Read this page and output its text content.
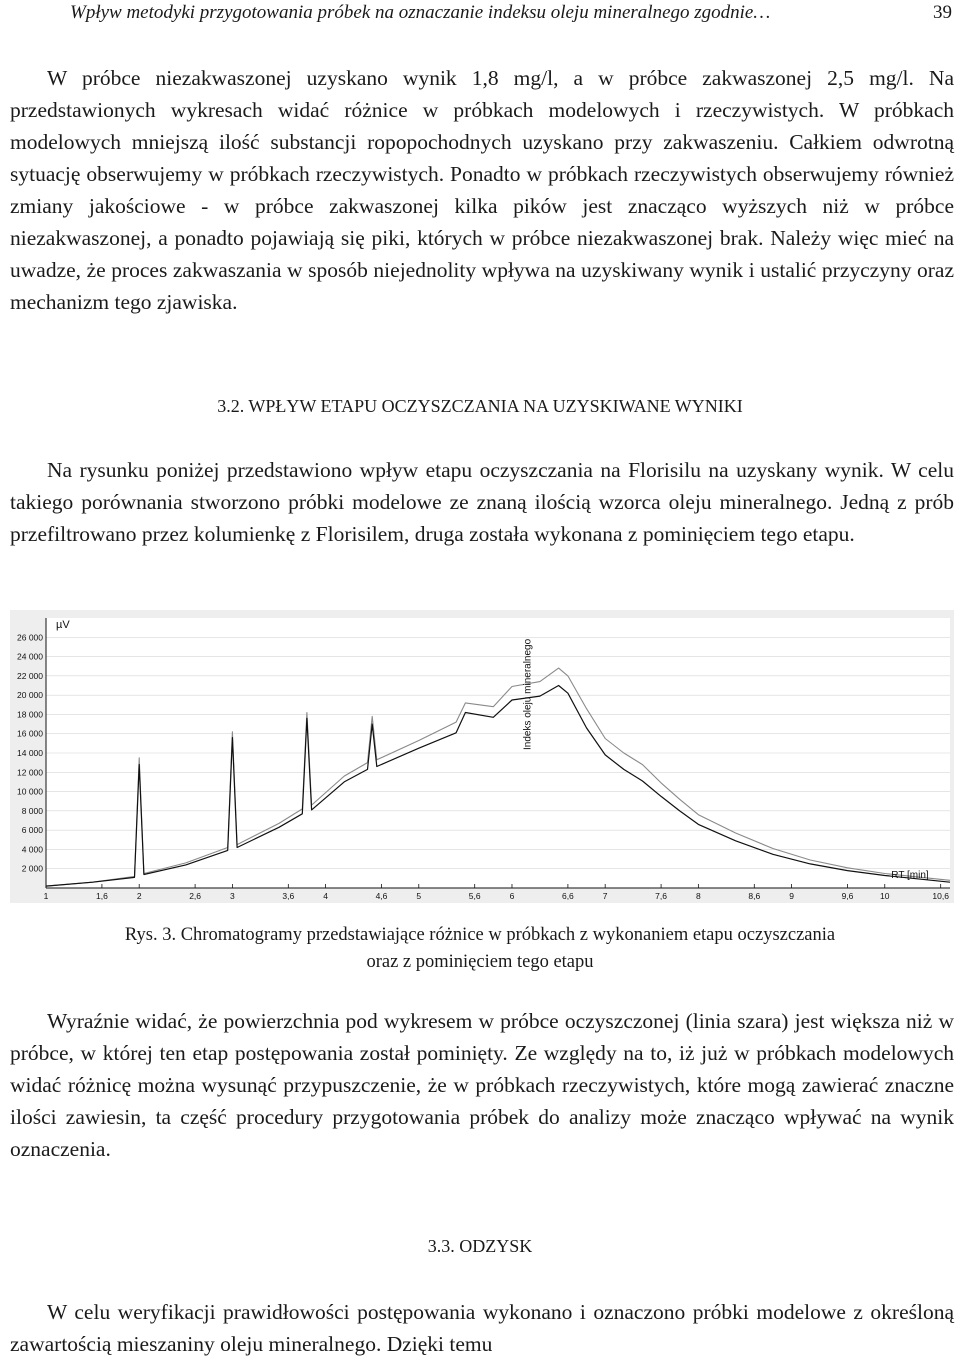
Wpływ metodyki przygotowania próbek na oznaczanie indeksu oleju mineralnego zgodnie…	39

W próbce niezakwaszonej uzyskano wynik 1,8 mg/l, a w próbce zakwaszonej 2,5 mg/l. Na przedstawionych wykresach widać różnice w próbkach modelowych i rzeczywistych. W próbkach modelowych mniejszą ilość substancji ropopochodnych uzyskano przy zakwaszeniu. Całkiem odwrotną sytuację obserwujemy w próbkach rzeczywistych. Ponadto w próbkach rzeczywistych obserwujemy również zmiany jakościowe - w próbce zakwaszonej kilka pików jest znacząco wyższych niż w próbce niezakwaszonej, a ponadto pojawiają się piki, których w próbce niezakwaszonej brak. Należy więc mieć na uwadze, że proces zakwaszania w sposób niejednolity wpływa na uzyskiwany wynik i ustalić przyczyny oraz mechanizm tego zjawiska.

3.2. WPŁYW ETAPU OCZYSZCZANIA NA UZYSKIWANE WYNIKI

Na rysunku poniżej przedstawiono wpływ etapu oczyszczania na Florisilu na uzyskany wynik. W celu takiego porównania stworzono próbki modelowe ze znaną ilością wzorca oleju mineralnego. Jedną z prób przefiltrowano przez kolumienkę z Florisilem, druga została wykonana z pominięciem tego etapu.

26 000
24 000
22 000
20 000
18 000
16 000
14 000
12 000
10 000
8 000
6 000
4 000
2 000
1	1,6	2	2,6	3	3,6	4	4,6	5	5,6	6	6,6	7	7,6	8	8,6	9	9,6	10	10,6
µV
RT [min]
Indeks oleju mineralnego
Rys. 3. Chromatogramy przedstawiające różnice w próbkach z wykonaniem etapu oczyszczania
oraz z pominięciem tego etapu

Wyraźnie widać, że powierzchnia pod wykresem w próbce oczyszczonej (linia szara) jest większa niż w próbce, w której ten etap postępowania został pominięty. Ze względy na to, iż już w próbkach modelowych widać różnicę można wysunąć przypuszczenie, że w próbkach rzeczywistych, które mogą zawierać znaczne ilości zawiesin, ta część procedury przygotowania próbek do analizy może znacząco wpływać na wynik oznaczenia.

3.3. ODZYSK

W celu weryfikacji prawidłowości postępowania wykonano i oznaczono próbki modelowe z określoną zawartością mieszaniny oleju mineralnego. Dzięki temu
